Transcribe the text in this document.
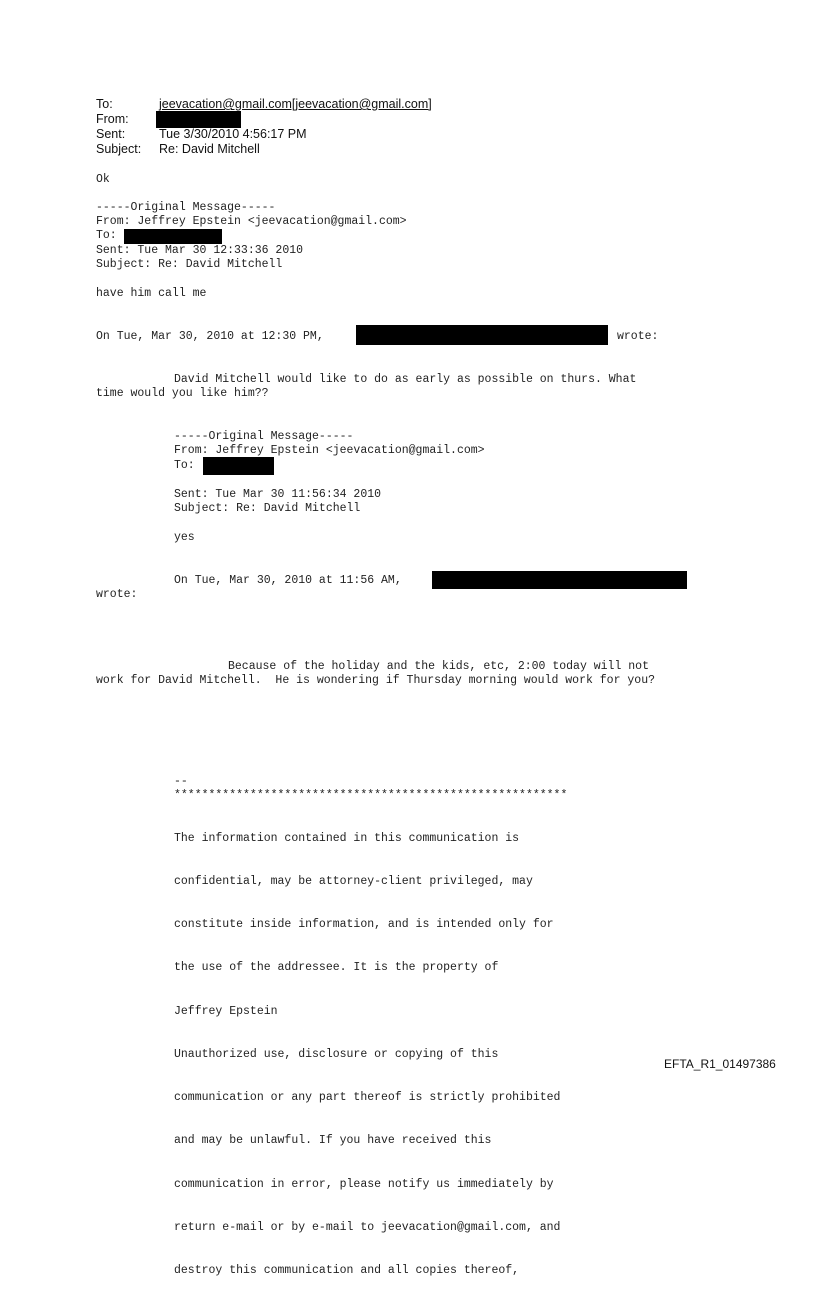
To:	jeevacation@gmail.com[jeevacation@gmail.com]
From:
Sent:	Tue 3/30/2010 4:56:17 PM
Subject: Re: David Mitchell
Ok
-----Original Message-----
From: Jeffrey Epstein <jeevacation@gmail.com>
To:
Sent: Tue Mar 30 12:33:36 2010
Subject: Re: David Mitchell
have him call me
On Tue, Mar 30, 2010 at 12:30 PM,	wrote:
David Mitchell would like to do as early as possible on thurs. What
time would you like him??
-----Original Message-----
From: Jeffrey Epstein <jeevacation@gmail.com>
To:
Sent: Tue Mar 30 11:56:34 2010
Subject: Re: David Mitchell
yes
On Tue, Mar 30, 2010 at 11:56 AM,
wrote:
Because of the holiday and the kids, etc, 2:00 today will not
work for David Mitchell.  He is wondering if Thursday morning would work for you?
--
*********************************************************

The information contained in this communication is

confidential, may be attorney-client privileged, may

constitute inside information, and is intended only for

the use of the addressee. It is the property of

Jeffrey Epstein

Unauthorized use, disclosure or copying of this

communication or any part thereof is strictly prohibited

and may be unlawful. If you have received this

communication in error, please notify us immediately by

return e-mail or by e-mail to jeevacation@gmail.com, and

destroy this communication and all copies thereof,

EFTA_R1_01497386
